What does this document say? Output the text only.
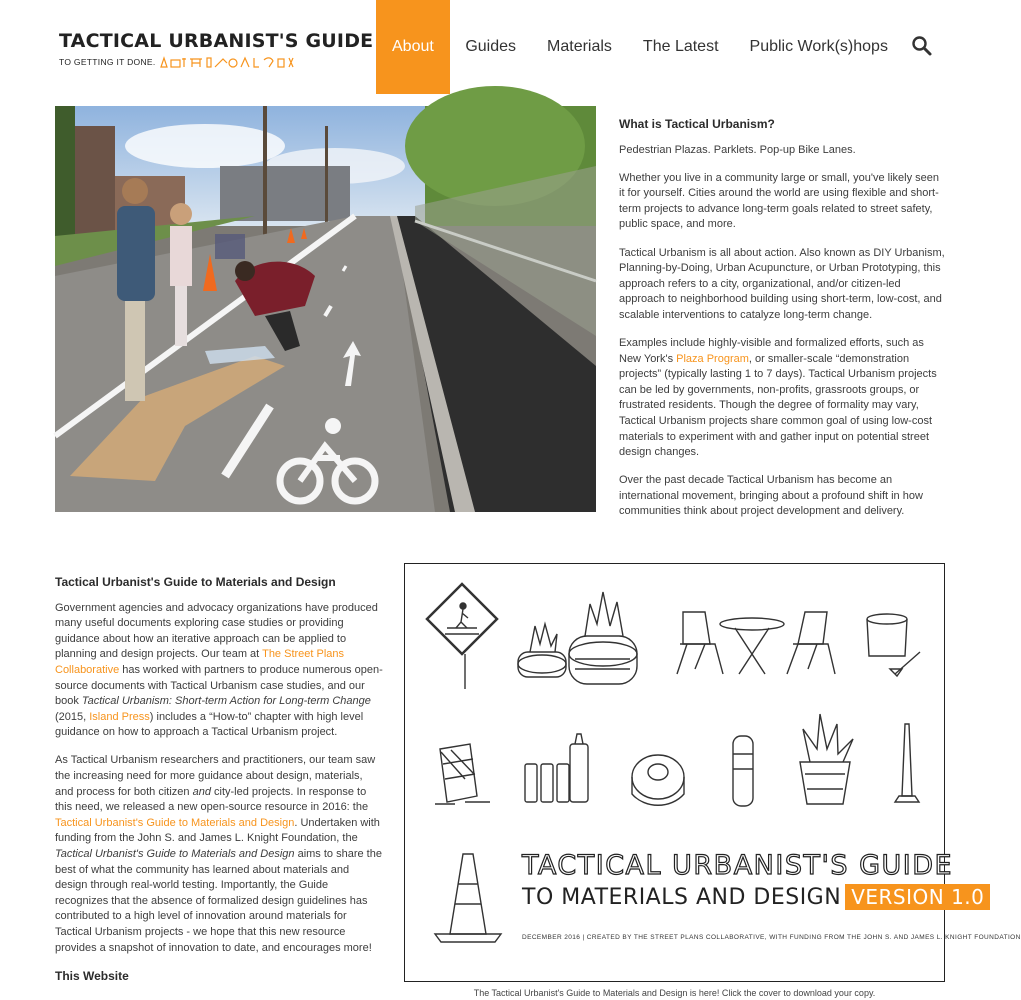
TACTICAL URBANIST'S GUIDE
TO GETTING IT DONE.
About	Guides	Materials	The Latest	Public Work(s)hops
What is Tactical Urbanism?

Pedestrian Plazas. Parklets. Pop-up Bike Lanes.

Whether you live in a community large or small, you've likely seen it for yourself. Cities around the world are using flexible and short-term projects to advance long-term goals related to street safety, public space, and more.

Tactical Urbanism is all about action. Also known as DIY Urbanism, Planning-by-Doing, Urban Acupuncture, or Urban Prototyping, this approach refers to a city, organizational, and/or citizen-led approach to neighborhood building using short-term, low-cost, and scalable interventions to catalyze long-term change.

Examples include highly-visible and formalized efforts, such as New York's Plaza Program, or smaller-scale “demonstration projects” (typically lasting 1 to 7 days). Tactical Urbanism projects can be led by governments, non-profits, grassroots groups, or frustrated residents. Though the degree of formality may vary, Tactical Urbanism projects share common goal of using low-cost materials to experiment with and gather input on potential street design changes.

Over the past decade Tactical Urbanism has become an international movement, bringing about a profound shift in how communities think about project development and delivery.

Tactical Urbanist's Guide to Materials and Design

Government agencies and advocacy organizations have produced many useful documents exploring case studies or providing guidance about how an iterative approach can be applied to planning and design projects. Our team at The Street Plans Collaborative has worked with partners to produce numerous open-source documents with Tactical Urbanism case studies, and our book Tactical Urbanism: Short-term Action for Long-term Change (2015, Island Press) includes a “How-to” chapter with high level guidance on how to approach a Tactical Urbanism project.

As Tactical Urbanism researchers and practitioners, our team saw the increasing need for more guidance about design, materials, and process for both citizen and city-led projects. In response to this need, we released a new open-source resource in 2016: the Tactical Urbanist's Guide to Materials and Design. Undertaken with funding from the John S. and James L. Knight Foundation, the Tactical Urbanist's Guide to Materials and Design aims to share the best of what the community has learned about materials and design through real-world testing. Importantly, the Guide recognizes that the absence of formalized design guidelines has contributed to a high level of innovation around materials for Tactical Urbanism projects - we hope that this new resource provides a snapshot of innovation to date, and encourages more!

This Website
TACTICAL URBANIST'S GUIDE
TO MATERIALS AND DESIGN VERSION 1.0
DECEMBER 2016 | CREATED BY THE STREET PLANS COLLABORATIVE, WITH FUNDING FROM THE JOHN S. AND JAMES L. KNIGHT FOUNDATION
The Tactical Urbanist's Guide to Materials and Design is here! Click the cover to download your copy.
